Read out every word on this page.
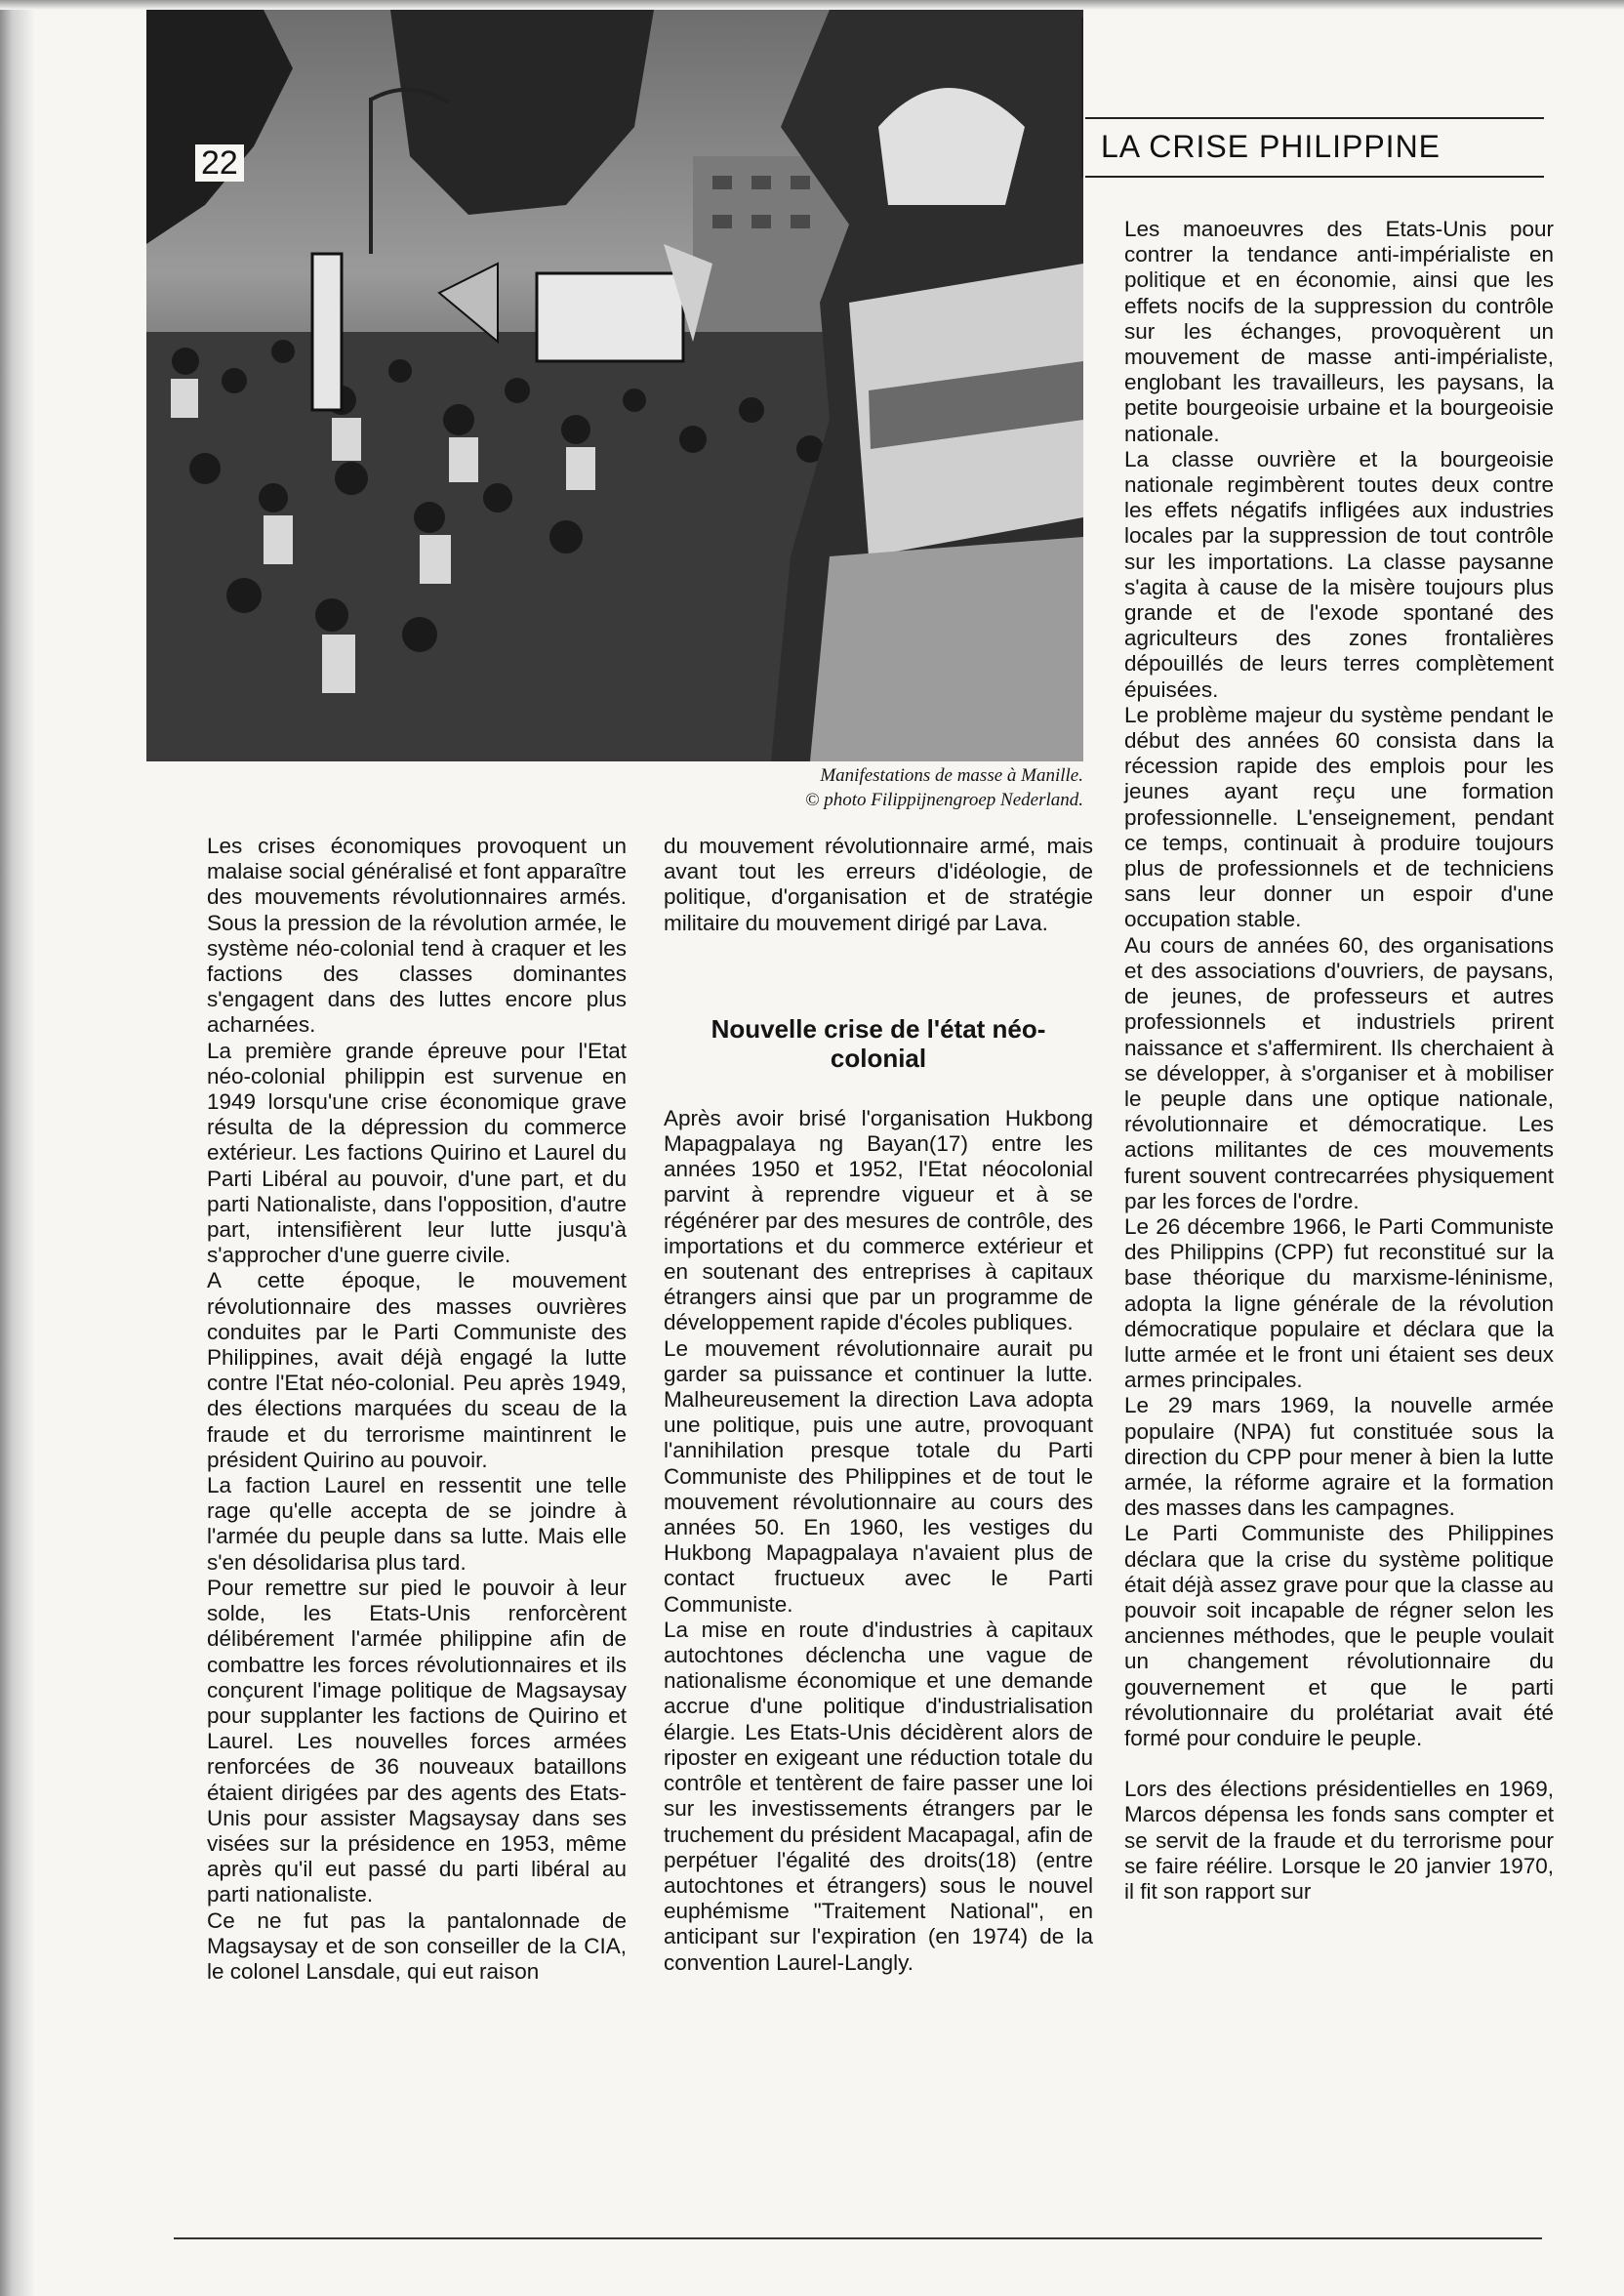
22	LA CRISE PHILIPPINE
Manifestations de masse à Manille.
© photo Filippijnengroep Nederland.

Les crises économiques provoquent un malaise social généralisé et font apparaître des mouvements révolutionnaires armés. Sous la pression de la révolution armée, le système néo-colonial tend à craquer et les factions des classes dominantes s'engagent dans des luttes encore plus acharnées.

La première grande épreuve pour l'Etat néo-colonial philippin est survenue en 1949 lorsqu'une crise économique grave résulta de la dépression du commerce extérieur. Les factions Quirino et Laurel du Parti Libéral au pouvoir, d'une part, et du parti Nationaliste, dans l'opposition, d'autre part, intensifièrent leur lutte jusqu'à s'approcher d'une guerre civile.

A cette époque, le mouvement révolutionnaire des masses ouvrières conduites par le Parti Communiste des Philippines, avait déjà engagé la lutte contre l'Etat néo-colonial. Peu après 1949, des élections marquées du sceau de la fraude et du terrorisme maintinrent le président Quirino au pouvoir.

La faction Laurel en ressentit une telle rage qu'elle accepta de se joindre à l'armée du peuple dans sa lutte. Mais elle s'en désolidarisa plus tard.

Pour remettre sur pied le pouvoir à leur solde, les Etats-Unis renforcèrent délibérement l'armée philippine afin de combattre les forces révolutionnaires et ils conçurent l'image politique de Magsaysay pour supplanter les factions de Quirino et Laurel. Les nouvelles forces armées renforcées de 36 nouveaux bataillons étaient dirigées par des agents des Etats-Unis pour assister Magsaysay dans ses visées sur la présidence en 1953, même après qu'il eut passé du parti libéral au parti nationaliste.

Ce ne fut pas la pantalonnade de Magsaysay et de son conseiller de la CIA, le colonel Lansdale, qui eut raison

du mouvement révolutionnaire armé, mais avant tout les erreurs d'idéologie, de politique, d'organisation et de stratégie militaire du mouvement dirigé par Lava.

Nouvelle crise de l'état néo-colonial

Après avoir brisé l'organisation Hukbong Mapagpalaya ng Bayan(17) entre les années 1950 et 1952, l'Etat néocolonial parvint à reprendre vigueur et à se régénérer par des mesures de contrôle, des importations et du commerce extérieur et en soutenant des entreprises à capitaux étrangers ainsi que par un programme de développement rapide d'écoles publiques.

Le mouvement révolutionnaire aurait pu garder sa puissance et continuer la lutte. Malheureusement la direction Lava adopta une politique, puis une autre, provoquant l'annihilation presque totale du Parti Communiste des Philippines et de tout le mouvement révolutionnaire au cours des années 50. En 1960, les vestiges du Hukbong Mapagpalaya n'avaient plus de contact fructueux avec le Parti Communiste.

La mise en route d'industries à capitaux autochtones déclencha une vague de nationalisme économique et une demande accrue d'une politique d'industrialisation élargie. Les Etats-Unis décidèrent alors de riposter en exigeant une réduction totale du contrôle et tentèrent de faire passer une loi sur les investissements étrangers par le truchement du président Macapagal, afin de perpétuer l'égalité des droits(18) (entre autochtones et étrangers) sous le nouvel euphémisme "Traitement National", en anticipant sur l'expiration (en 1974) de la convention Laurel-Langly.

Les manoeuvres des Etats-Unis pour contrer la tendance anti-impérialiste en politique et en économie, ainsi que les effets nocifs de la suppression du contrôle sur les échanges, provoquèrent un mouvement de masse anti-impérialiste, englobant les travailleurs, les paysans, la petite bourgeoisie urbaine et la bourgeoisie nationale.

La classe ouvrière et la bourgeoisie nationale regimbèrent toutes deux contre les effets négatifs infligées aux industries locales par la suppression de tout contrôle sur les importations. La classe paysanne s'agita à cause de la misère toujours plus grande et de l'exode spontané des agriculteurs des zones frontalières dépouillés de leurs terres complètement épuisées.

Le problème majeur du système pendant le début des années 60 consista dans la récession rapide des emplois pour les jeunes ayant reçu une formation professionnelle. L'enseignement, pendant ce temps, continuait à produire toujours plus de professionnels et de techniciens sans leur donner un espoir d'une occupation stable.

Au cours de années 60, des organisations et des associations d'ouvriers, de paysans, de jeunes, de professeurs et autres professionnels et industriels prirent naissance et s'affermirent. Ils cherchaient à se développer, à s'organiser et à mobiliser le peuple dans une optique nationale, révolutionnaire et démocratique. Les actions militantes de ces mouvements furent souvent contrecarrées physiquement par les forces de l'ordre.

Le 26 décembre 1966, le Parti Communiste des Philippins (CPP) fut reconstitué sur la base théorique du marxisme-léninisme, adopta la ligne générale de la révolution démocratique populaire et déclara que la lutte armée et le front uni étaient ses deux armes principales.

Le 29 mars 1969, la nouvelle armée populaire (NPA) fut constituée sous la direction du CPP pour mener à bien la lutte armée, la réforme agraire et la formation des masses dans les campagnes.

Le Parti Communiste des Philippines déclara que la crise du système politique était déjà assez grave pour que la classe au pouvoir soit incapable de régner selon les anciennes méthodes, que le peuple voulait un changement révolutionnaire du gouvernement et que le parti révolutionnaire du prolétariat avait été formé pour conduire le peuple.

Lors des élections présidentielles en 1969, Marcos dépensa les fonds sans compter et se servit de la fraude et du terrorisme pour se faire réélire. Lorsque le 20 janvier 1970, il fit son rapport sur
